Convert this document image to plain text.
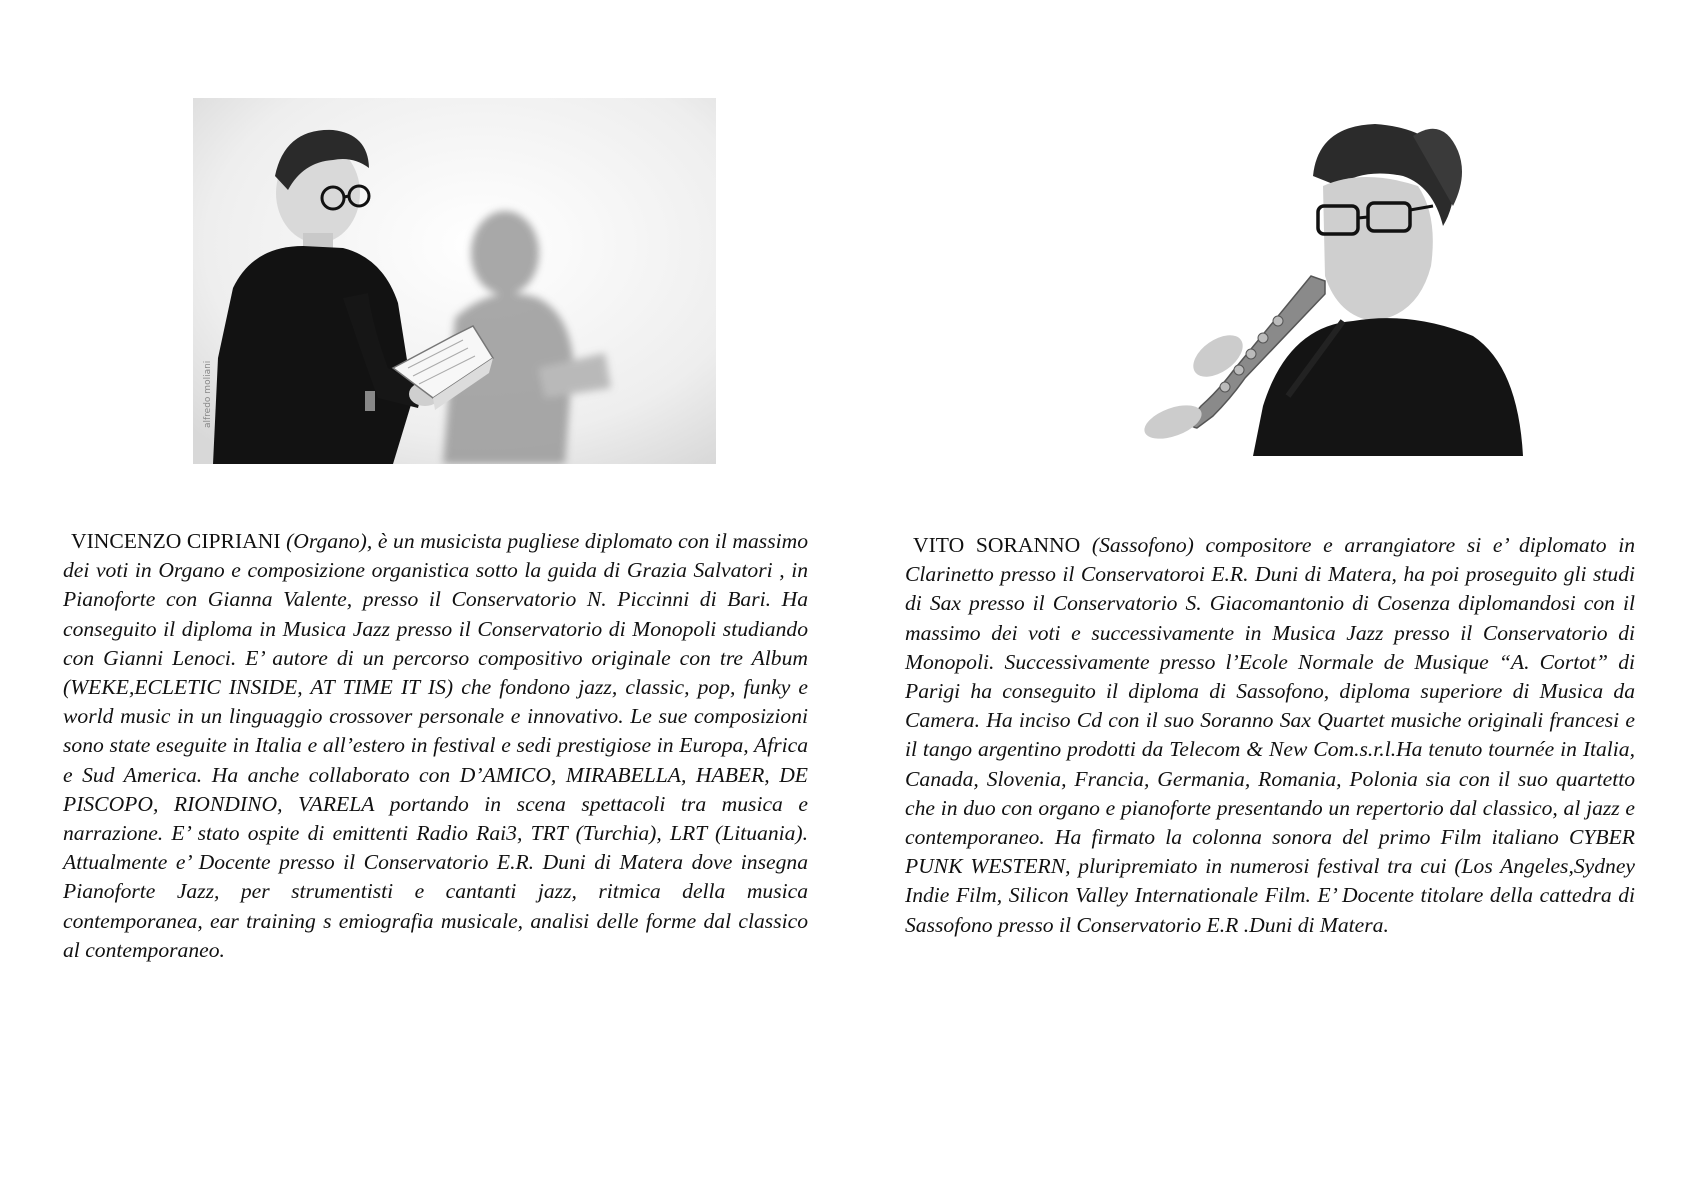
alfredo moliani

VINCENZO CIPRIANI (Organo), è un musicista pugliese diplomato con il massimo dei voti in Organo e composizione organistica sotto la guida di Grazia Salvatori , in Pianoforte con Gianna Valente, presso il Conservatorio N. Piccinni di Bari. Ha conseguito il diploma in Musica Jazz presso il Conservatorio di Monopoli studiando con Gianni Lenoci. E’ autore di un percorso compositivo originale con tre Album (WEKE,ECLETIC INSIDE, AT TIME IT IS) che fondono jazz, classic, pop, funky e world music in un linguaggio crossover personale e innovativo. Le sue composizioni sono state eseguite in Italia e all’estero in festival e sedi prestigiose in Europa, Africa e Sud America. Ha anche collaborato con D’AMICO, MIRABELLA, HABER, DE PISCOPO, RIONDINO, VARELA portando in scena spettacoli tra musica e narrazione. E’ stato ospite di emittenti Radio Rai3, TRT (Turchia), LRT (Lituania). Attualmente e’ Docente presso il Conservatorio E.R. Duni di Matera dove insegna Pianoforte Jazz, per strumentisti e cantanti jazz, ritmica della musica contemporanea, ear training s emiografia musicale, analisi delle forme dal classico al contemporaneo.

VITO SORANNO (Sassofono) compositore e arrangiatore si e’ diplomato in Clarinetto presso il Conservatoroi E.R. Duni di Matera, ha poi proseguito gli studi di Sax presso il Conservatorio S. Giacomantonio di Cosenza diplomandosi con il massimo dei voti e successivamente in Musica Jazz presso il Conservatorio di Monopoli. Successivamente presso l’Ecole Normale de Musique “A. Cortot” di Parigi ha conseguito il diploma di Sassofono, diploma superiore di Musica da Camera. Ha inciso Cd con il suo Soranno Sax Quartet musiche originali francesi e il tango argentino prodotti da Telecom & New Com.s.r.l.Ha tenuto tournée in Italia, Canada, Slovenia, Francia, Germania, Romania, Polonia sia con il suo quartetto che in duo con organo e pianoforte presentando un repertorio dal classico, al jazz e contemporaneo. Ha firmato la colonna sonora del primo Film italiano CYBER PUNK WESTERN, pluripremiato in numerosi festival tra cui (Los Angeles,Sydney Indie Film, Silicon Valley Internationale Film. E’ Docente titolare della cattedra di Sassofono presso il Conservatorio E.R .Duni di Matera.
